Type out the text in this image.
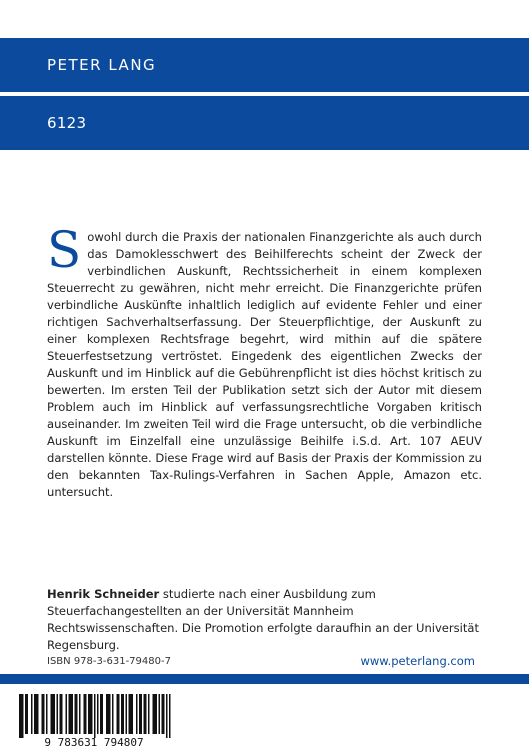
PETER LANG
6123

Sowohl durch die Praxis der nationalen Finanzgerichte als auch durch das Damoklesschwert des Beihilferechts scheint der Zweck der verbindlichen Auskunft, Rechtssicherheit in einem komplexen Steuerrecht zu gewähren, nicht mehr erreicht. Die Finanzgerichte prüfen verbindliche Auskünfte inhaltlich lediglich auf evidente Fehler und einer richtigen Sachverhaltserfassung. Der Steuerpflichtige, der Auskunft zu einer komplexen Rechtsfrage begehrt, wird mithin auf die spätere Steuerfestsetzung vertröstet. Eingedenk des eigentlichen Zwecks der Auskunft und im Hinblick auf die Gebührenpflicht ist dies höchst kritisch zu bewerten. Im ersten Teil der Publikation setzt sich der Autor mit diesem Problem auch im Hinblick auf verfassungsrechtliche Vorgaben kritisch auseinander. Im zweiten Teil wird die Frage untersucht, ob die verbindliche Auskunft im Einzelfall eine unzulässige Beihilfe i.S.d. Art. 107 AEUV darstellen könnte. Diese Frage wird auf Basis der Praxis der Kommission zu den bekannten Tax-Rulings-Verfahren in Sachen Apple, Amazon etc. untersucht.

Henrik Schneider studierte nach einer Ausbildung zum Steuerfachangestellten an der Universität Mannheim Rechtswissenschaften. Die Promotion erfolgte daraufhin an der Universität Regensburg.

ISBN 978-3-631-79480-7	www.peterlang.com
9 783631 794807
